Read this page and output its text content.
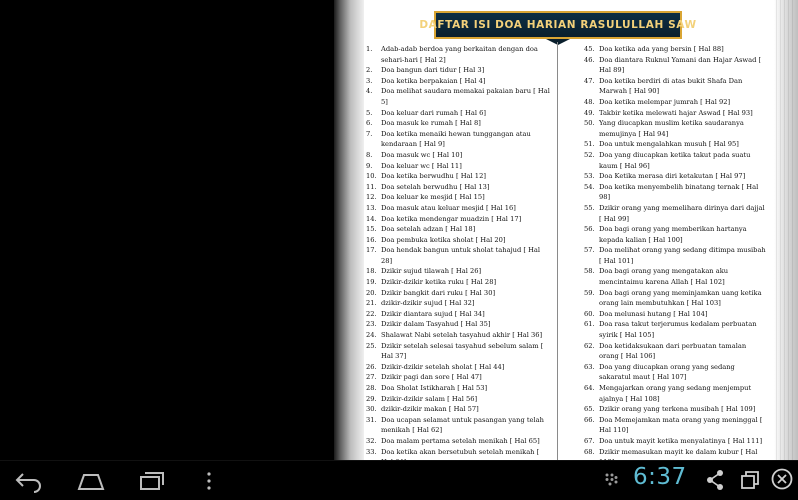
DAFTAR ISI DOA HARIAN RASULULLAH SAW
1.	Adab-adab berdoa yang berkaitan dengan doa sehari-hari [ Hal 2]
2.	Doa bangun dari tidur [ Hal 3]
3.	Doa ketika berpakaian [ Hal 4]
4.	Doa melihat saudara memakai pakaian baru [ Hal 5]
5.	Doa keluar dari rumah [ Hal 6]
6.	Doa masuk ke rumah [ Hal 8]
7.	Doa ketika menaiki hewan tunggangan atau kendaraan [ Hal 9]
8.	Doa masuk wc [ Hal 10]
9.	Doa keluar wc [ Hal 11]
10. Doa ketika berwudhu [ Hal 12]
11. Doa setelah berwudhu [ Hal 13]
12. Doa keluar ke mesjid [ Hal 15]
13. Doa masuk atau keluar mesjid [ Hal 16]
14. Doa ketika mendengar muadzin [ Hal 17]
15. Doa setelah adzan [ Hal 18]
16. Doa pembuka ketika sholat [ Hal 20]
17. Doa hendak bangun untuk sholat tahajud [ Hal 28]
18. Dzikir sujud tilawah [ Hal 26]
19. Dzikir-dzikir ketika ruku [ Hal 28]
20. Dzikir bangkit dari ruku [ Hal 30]
21. dzikir-dzikir sujud [ Hal 32]
22. Dzikir diantara sujud [ Hal 34]
23. Dzikir dalam Tasyahud [ Hal 35]
24. Shalawat Nabi setelah tasyahud akhir [ Hal 36]
25. Dzikir setelah selesai tasyahud sebelum salam [ Hal 37]
26. Dzikir-dzikir setelah sholat [ Hal 44]
27. Dzikir pagi dan sore [ Hal 47]
28. Doa Sholat Istikharah [ Hal 53]
29. Dzikir-dzikir salam [ Hal 56]
30. dzikir-dzikir makan [ Hal 57]
31. Doa ucapan selamat untuk pasangan yang telah menikah [ Hal 62]
32. Doa malam pertama setelah menikah [ Hal 65]
33. Doa ketika akan bersetubuh setelah menikah [
45. Doa ketika ada yang bersin [ Hal 88]
46. Doa diantara Ruknul Yamani dan Hajar Aswad [ Hal 89]
47. Doa ketika berdiri di atas bukit Shafa Dan Marwah [ Hal 90]
48. Doa ketika melempar jumrah [ Hal 92]
49. Takbir ketika melewati hajar Aswad [ Hal 93]
50. Yang diucapkan muslim ketika saudaranya memujinya [ Hal 94]
51. Doa untuk mengalahkan musuh [ Hal 95]
52. Doa yang diucapkan ketika takut pada suatu kaum [ Hal 96]
53. Doa Ketika merasa diri ketakutan [ Hal 97]
54. Doa ketika menyembelih binatang ternak [ Hal 98]
55. Dzikir orang yang memelihara dirinya dari dajjal [ Hal 99]
56. Doa bagi orang yang memberikan hartanya kepada kalian [ Hal 100]
57. Doa melihat orang yang sedang ditimpa musibah [ Hal 101]
58. Doa bagi orang yang mengatakan aku mencintaimu karena Allah [ Hal 102]
59. Doa bagi orang yang meminjamkan uang ketika orang lain membutuhkan [ Hal 103]
60. Doa melunasi hutang [ Hal 104]
61. Doa rasa takut terjerumus kedalam perbuatan syirik [ Hal 105]
62. Doa ketidaksukaan dari perbuatan tamalan orang [ Hal 106]
63. Doa yang diucapkan orang yang sedang sakaratul maut [ Hal 107]
64. Mengajarkan orang yang sedang menjemput ajalnya [ Hal 108]
65. Dzikir orang yang terkena musibah [ Hal 109]
66. Doa Memejamkan mata orang yang meninggal [ Hal 110]
67. Doa untuk mayit ketika menyalatinya [ Hal 111]
68. Dzikir memasukan mayit ke dalam kubur [ Hal
6:37
